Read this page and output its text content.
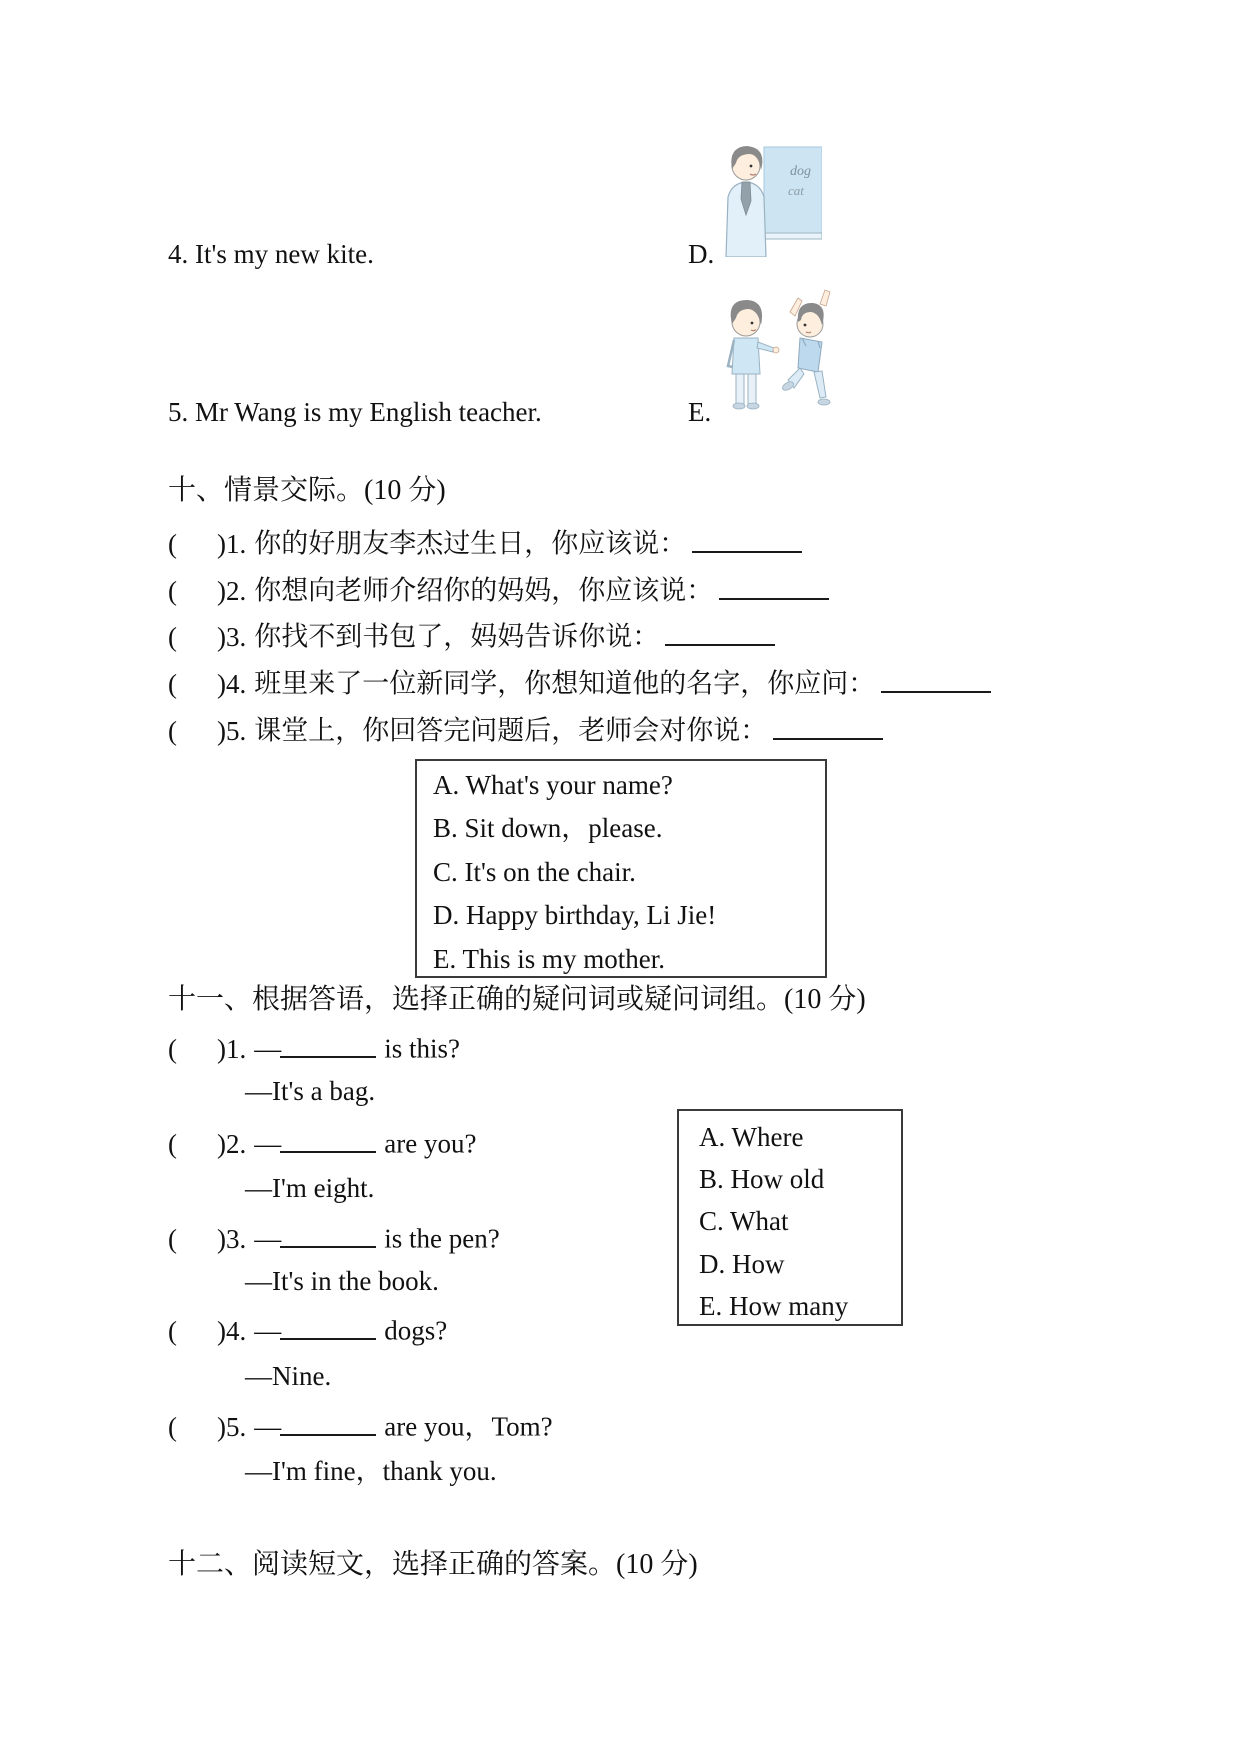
4. It's my new kite.	D.
dog
cat
5. Mr Wang is my English teacher.	E.
十、情景交际。(10 分)
( )1. 你的好朋友李杰过生日，你应该说：
( )2. 你想向老师介绍你的妈妈，你应该说：
( )3. 你找不到书包了，妈妈告诉你说：
( )4. 班里来了一位新同学，你想知道他的名字，你应问：
( )5. 课堂上，你回答完问题后，老师会对你说：
A. What's your name?
B. Sit down，please.
C. It's on the chair.
D. Happy birthday, Li Jie!
E. This is my mother.
十一、根据答语，选择正确的疑问词或疑问词组。(10 分)
( )1. —	is this?
—It's a bag.
( )2. —	are you?
—I'm eight.
( )3. —	is the pen?
—It's in the book.
( )4. —	dogs?
—Nine.
( )5. —	are you，Tom?
—I'm fine，thank you.
A. Where
B. How old
C. What
D. How
E. How many
十二、阅读短文，选择正确的答案。(10 分)
